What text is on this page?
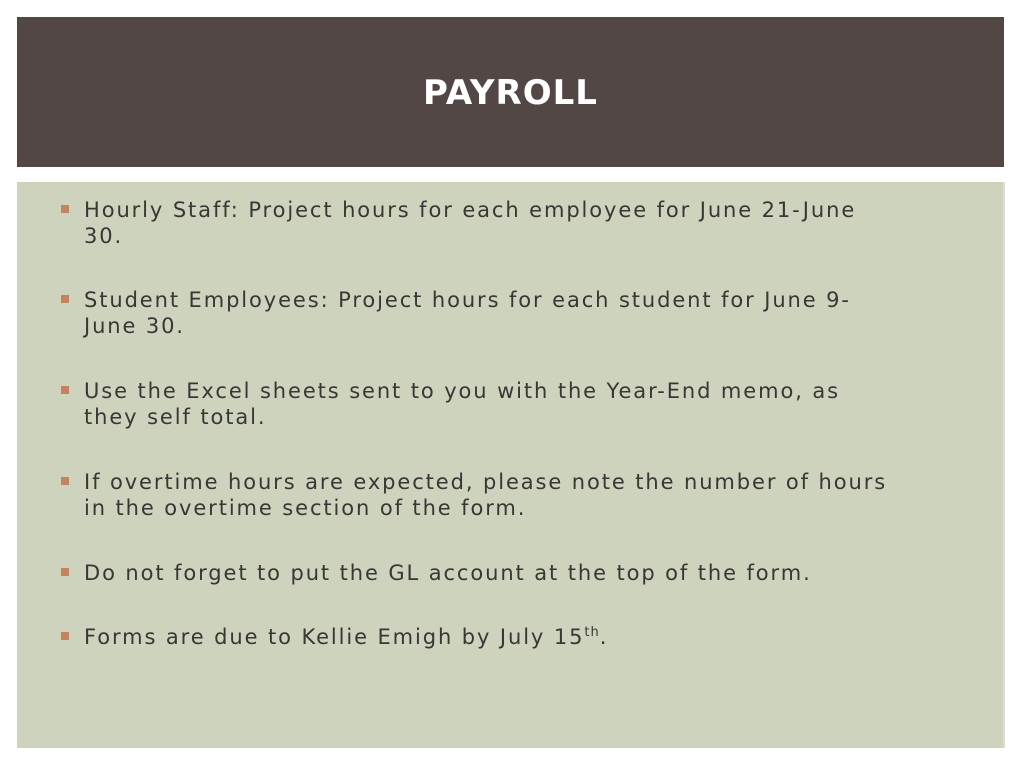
PAYROLL
Hourly Staff: Project hours for each employee for June 21-June
30.
Student Employees: Project hours for each student for June 9-
June 30.
Use the Excel sheets sent to you with the Year-End memo, as
they self total.
If overtime hours are expected, please note the number of hours
in the overtime section of the form.
Do not forget to put the GL account at the top of the form.
Forms are due to Kellie Emigh by July 15th.
